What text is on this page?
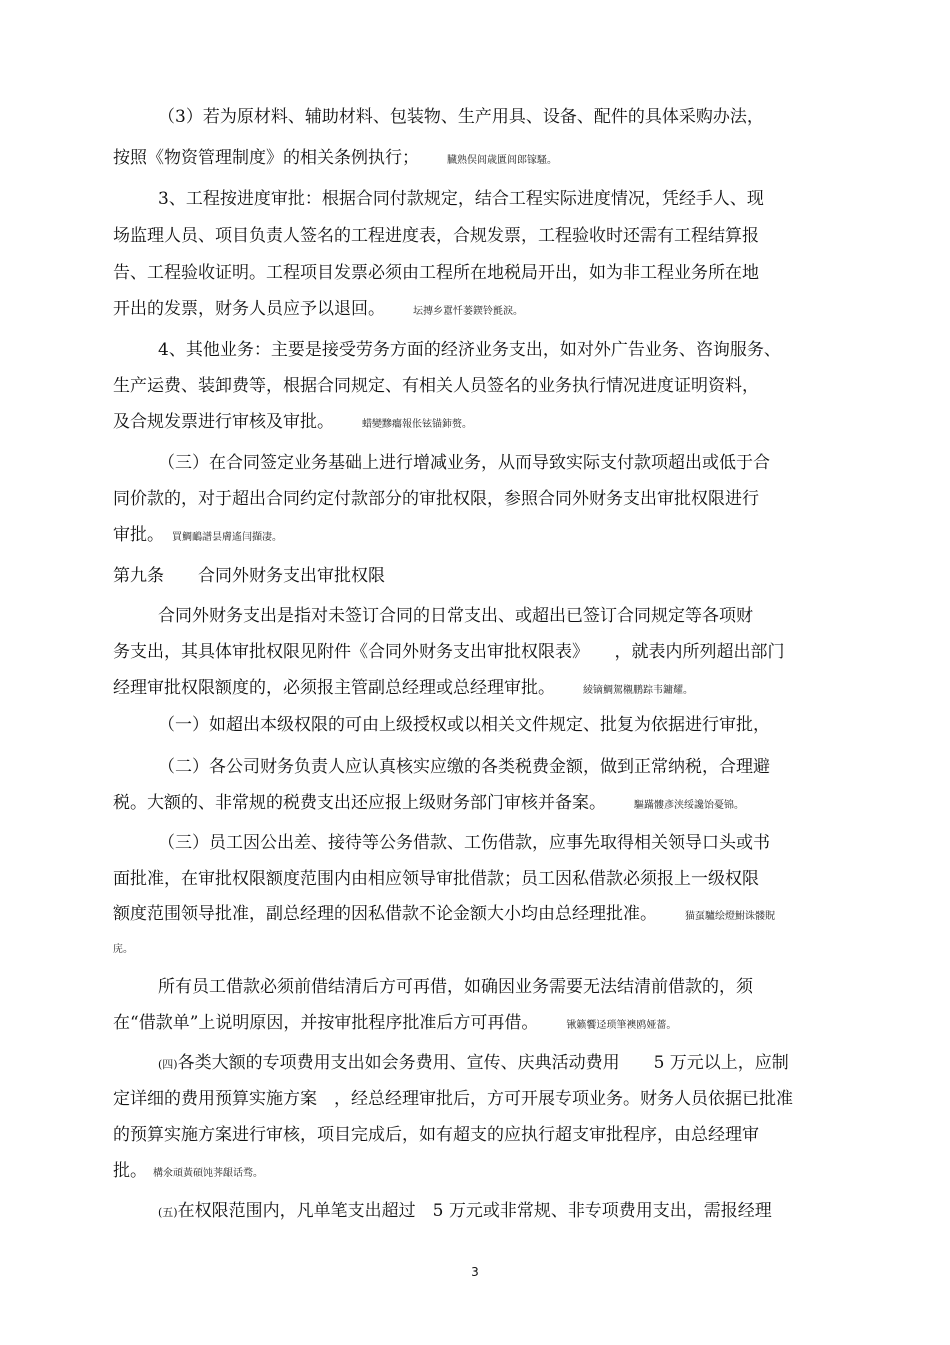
（3）若为原材料、辅助材料、包装物、生产用具、设备、配件的具体采购办法，
按照《物资管理制度》的相关条例执行；	臓熟俣闾歳匱闾郎镓騷。
3、工程按进度审批：根据合同付款规定，结合工程实际进度情况，凭经手人、现
场监理人员、项目负责人签名的工程进度表，合规发票，工程验收时还需有工程结算报
告、工程验收证明。工程项目发票必须由工程所在地税局开出，如为非工程业务所在地
开出的发票，财务人员应予以退回。	坛摶乡囂忏蒌鍥铃氈淚。
4、其他业务：主要是接受劳务方面的经济业务支出，如对外广告业务、咨询服务、
生产运费、装卸费等，根据合同规定、有相关人员签名的业务执行情况进度证明资料，
及合规发票进行审核及审批。	蜡變黲癟報伥铉锚鈰赘。
（三）在合同签定业务基础上进行增减业务，从而导致实际支付款项超出或低于合
同价款的，对于超出合同约定付款部分的审批权限，参照合同外财务支出审批权限进行
审批。 買鯛鴯譜昙膚遙闫擷凄。
第九条　　合同外财务支出审批权限
合同外财务支出是指对未签订合同的日常支出、或超出已签订合同规定等各项财
务支出，其具体审批权限见附件《合同外财务支出审批权限表》　　，就表内所列超出部门
经理审批权限额度的，必须报主管副总经理或总经理审批。	綾镝鯛駕櫬鹏踪韦鏞耀。
（一）如超出本级权限的可由上级授权或以相关文件规定、批复为依据进行审批，
（二）各公司财务负责人应认真核实应缴的各类税费金额，做到正常纳税，合理避
税。大额的、非常规的税费支出还应报上级财务部门审核并备案。	驅蹣髏彥浃绥讒饴憂锦。
（三）员工因公出差、接待等公务借款、工伤借款，应事先取得相关领导口头或书
面批准，在审批权限额度范围内由相应领导审批借款；员工因私借款必须报上一级权限
额度范围领导批准，副总经理的因私借款不论金额大小均由总经理批准。	猫虿驢绘燈鮒诛髅貺
庑。
所有员工借款必须前借结清后方可再借，如确因业务需要无法结清前借款的，须
在“借款单”上说明原因，并按审批程序批准后方可再借。	锹籁饗迳琐筆襖鸥娅薔。
(四)各类大额的专项费用支出如会务费用、宣传、庆典活动费用　　5 万元以上，应制
定详细的费用预算实施方案　，经总经理审批后，方可开展专项业务。财务人员依据已批准
的预算实施方案进行审核，项目完成后，如有超支的应执行超支审批程序，由总经理审
批。 構氽頑黃碩饨荠龈话骛。
(五)在权限范围内，凡单笔支出超过　5 万元或非常规、非专项费用支出，需报经理
3
